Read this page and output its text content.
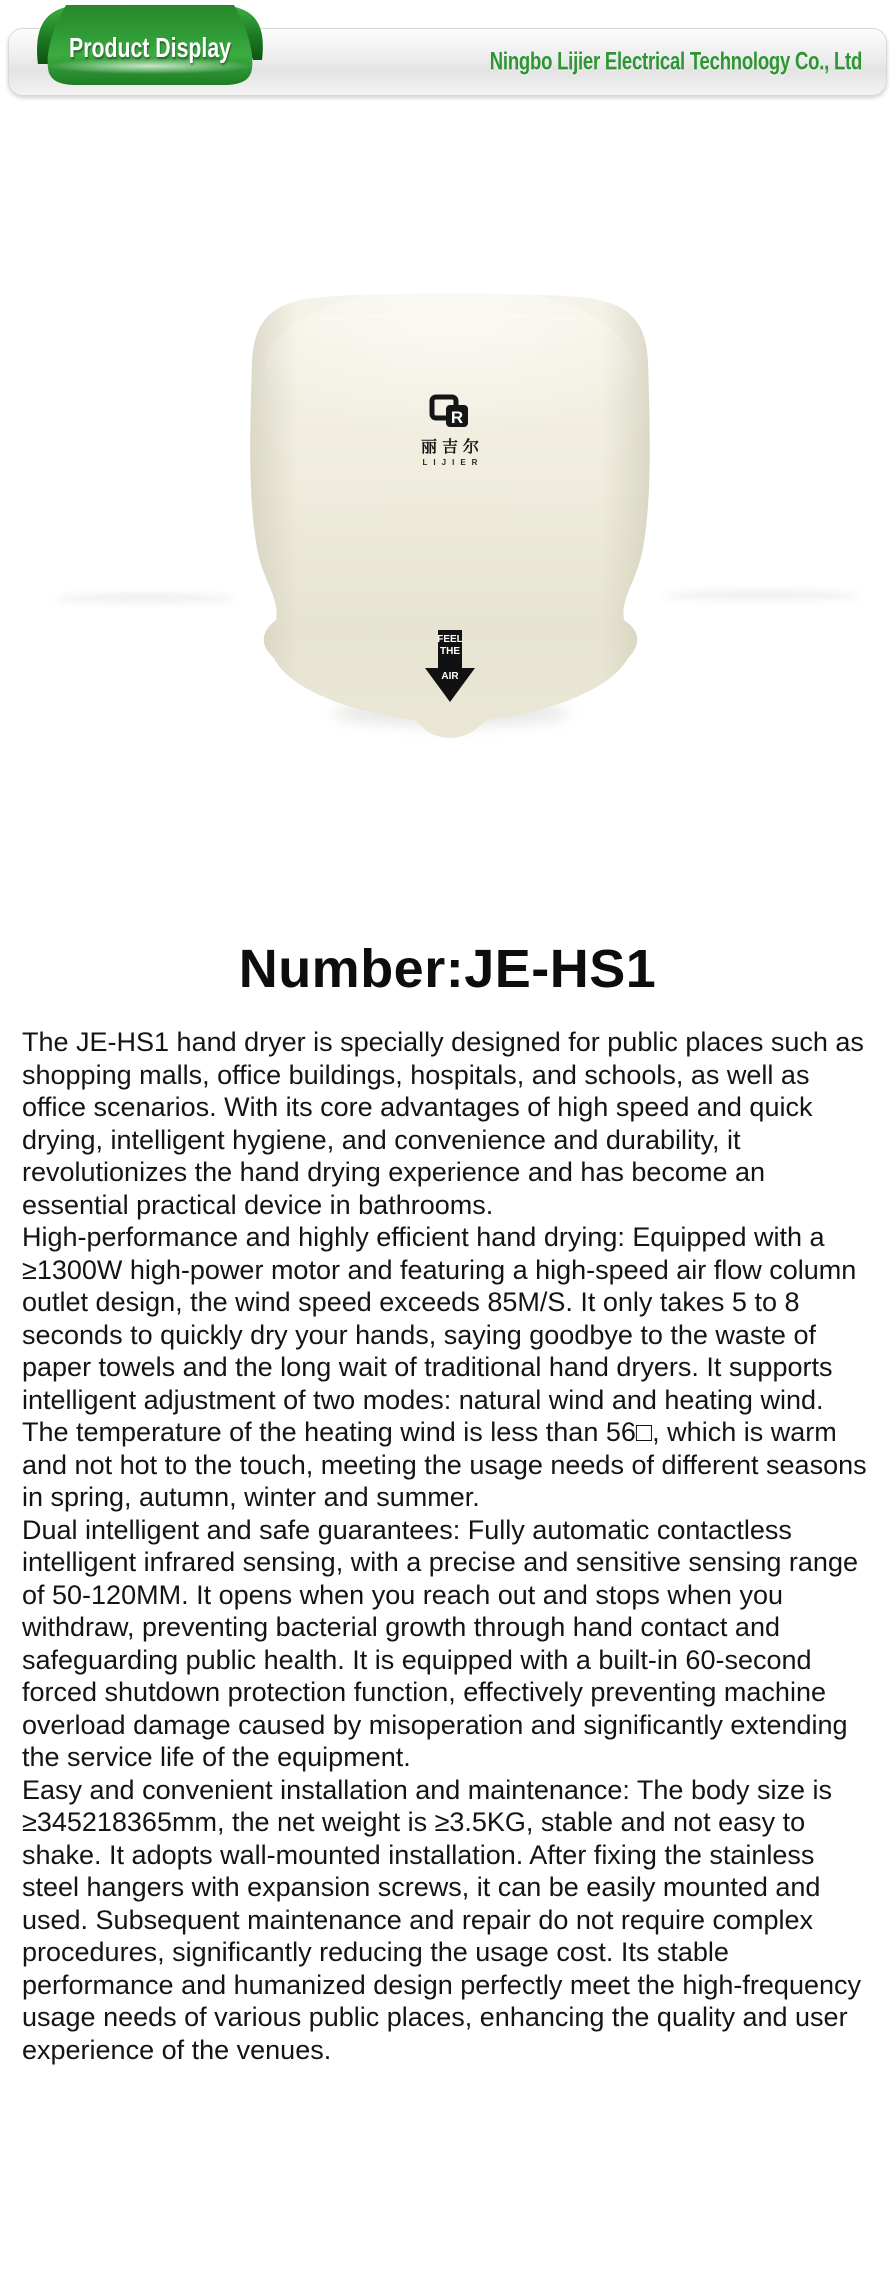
Ningbo Lijier Electrical Technology Co., Ltd
Product Display
R
丽吉尔
LIJIER
FEEL
THE
AIR
Number:JE-HS1

The JE-HS1 hand dryer is specially designed for public places such as shopping malls, office buildings, hospitals, and schools, as well as office scenarios. With its core advantages of high speed and quick drying, intelligent hygiene, and convenience and durability, it revolutionizes the hand drying experience and has become an essential practical device in bathrooms.

High-performance and highly efficient hand drying: Equipped with a ≥1300W high-power motor and featuring a high-speed air flow column outlet design, the wind speed exceeds 85M/S. It only takes 5 to 8 seconds to quickly dry your hands, saying goodbye to the waste of paper towels and the long wait of traditional hand dryers. It supports intelligent adjustment of two modes: natural wind and heating wind. The temperature of the heating wind is less than 56□, which is warm and not hot to the touch, meeting the usage needs of different seasons in spring, autumn, winter and summer.

Dual intelligent and safe guarantees: Fully automatic contactless intelligent infrared sensing, with a precise and sensitive sensing range of 50-120MM. It opens when you reach out and stops when you withdraw, preventing bacterial growth through hand contact and safeguarding public health. It is equipped with a built-in 60-second forced shutdown protection function, effectively preventing machine overload damage caused by misoperation and significantly extending the service life of the equipment.

Easy and convenient installation and maintenance: The body size is ≥345218365mm, the net weight is ≥3.5KG, stable and not easy to shake. It adopts wall-mounted installation. After fixing the stainless steel hangers with expansion screws, it can be easily mounted and used. Subsequent maintenance and repair do not require complex procedures, significantly reducing the usage cost. Its stable performance and humanized design perfectly meet the high-frequency usage needs of various public places, enhancing the quality and user experience of the venues.
